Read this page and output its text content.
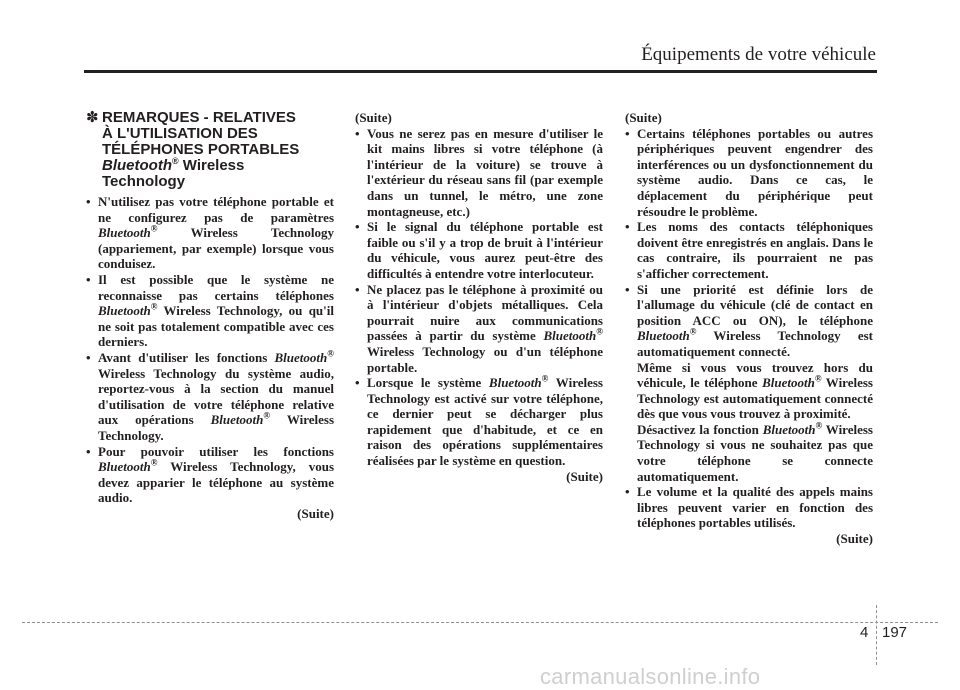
Équipements de votre véhicule
✽ REMARQUES - RELATIVES
À L'UTILISATION DES
TÉLÉPHONES PORTABLES
Bluetooth® Wireless
Technology
• N'utilisez pas votre téléphone portable et ne configurez pas de paramètres Bluetooth® Wireless Technology (appariement, par exemple) lorsque vous conduisez.
• Il est possible que le système ne reconnaisse pas certains téléphones Bluetooth® Wireless Technology, ou qu'il ne soit pas totalement compatible avec ces derniers.
• Avant d'utiliser les fonctions Bluetooth® Wireless Technology du système audio, reportez-vous à la section du manuel d'utilisation de votre téléphone relative aux opérations Bluetooth® Wireless Technology.
• Pour pouvoir utiliser les fonctions Bluetooth® Wireless Technology, vous devez apparier le téléphone au système audio.

(Suite)

(Suite)

• Vous ne serez pas en mesure d'utiliser le kit mains libres si votre téléphone (à l'intérieur de la voiture) se trouve à l'extérieur du réseau sans fil (par exemple dans un tunnel, le métro, une zone montagneuse, etc.)
• Si le signal du téléphone portable est faible ou s'il y a trop de bruit à l'intérieur du véhicule, vous aurez peut-être des difficultés à entendre votre interlocuteur.
• Ne placez pas le téléphone à proximité ou à l'intérieur d'objets métalliques. Cela pourrait nuire aux communications passées à partir du système Bluetooth® Wireless Technology ou d'un téléphone portable.
• Lorsque le système Bluetooth® Wireless Technology est activé sur votre téléphone, ce dernier peut se décharger plus rapidement que d'habitude, et ce en raison des opérations supplémentaires réalisées par le système en question.

(Suite)

(Suite)

• Certains téléphones portables ou autres périphériques peuvent engendrer des interférences ou un dysfonctionnement du système audio. Dans ce cas, le déplacement du périphérique peut résoudre le problème.
• Les noms des contacts téléphoniques doivent être enregistrés en anglais. Dans le cas contraire, ils pourraient ne pas s'afficher correctement.

• Si une priorité est définie lors de l'allumage du véhicule (clé de contact en position ACC ou ON), le téléphone Bluetooth® Wireless Technology est automatiquement connecté.

Même si vous vous trouvez hors du véhicule, le téléphone Bluetooth® Wireless Technology est automatiquement connecté dès que vous vous trouvez à proximité.

Désactivez la fonction Bluetooth® Wireless Technology si vous ne souhaitez pas que votre téléphone se connecte automatiquement.

• Le volume et la qualité des appels mains libres peuvent varier en fonction des téléphones portables utilisés.

(Suite)

4 197
carmanualsonline.info
